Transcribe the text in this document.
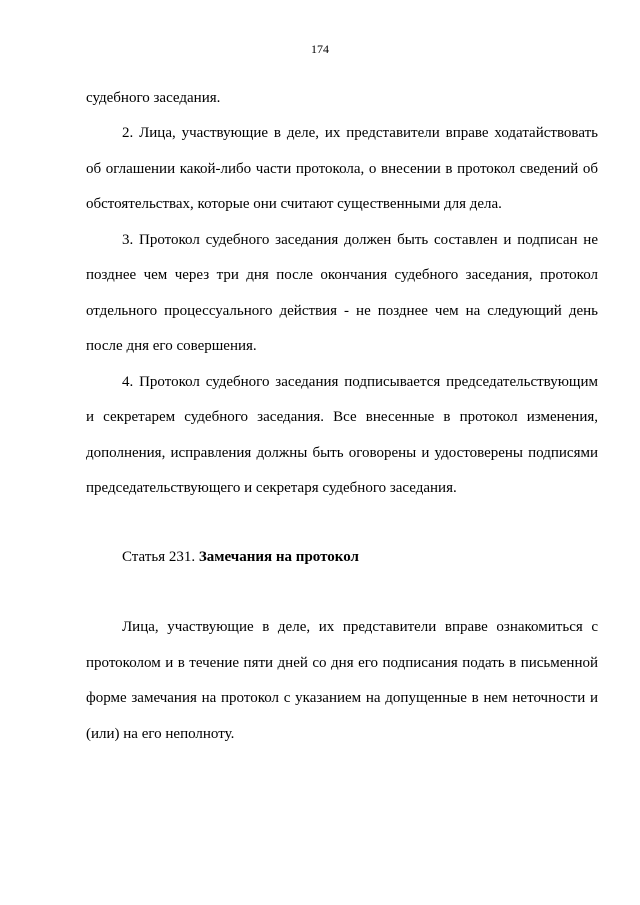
174
судебного заседания.
2. Лица, участвующие в деле, их представители вправе ходатайствовать
об оглашении какой-либо части протокола, о внесении в протокол сведений об
обстоятельствах, которые они считают существенными для дела.
3. Протокол судебного заседания должен быть составлен и подписан не
позднее чем через три дня после окончания судебного заседания, протокол
отдельного процессуального действия - не позднее чем на следующий день
после дня его совершения.
4. Протокол судебного заседания подписывается председательствующим
и секретарем судебного заседания. Все внесенные в протокол изменения,
дополнения, исправления должны быть оговорены и удостоверены подписями
председательствующего и секретаря судебного заседания.
Статья 231. Замечания на протокол
Лица, участвующие в деле, их представители вправе ознакомиться с
протоколом и в течение пяти дней со дня его подписания подать в письменной
форме замечания на протокол с указанием на допущенные в нем неточности и
(или) на его неполноту.
